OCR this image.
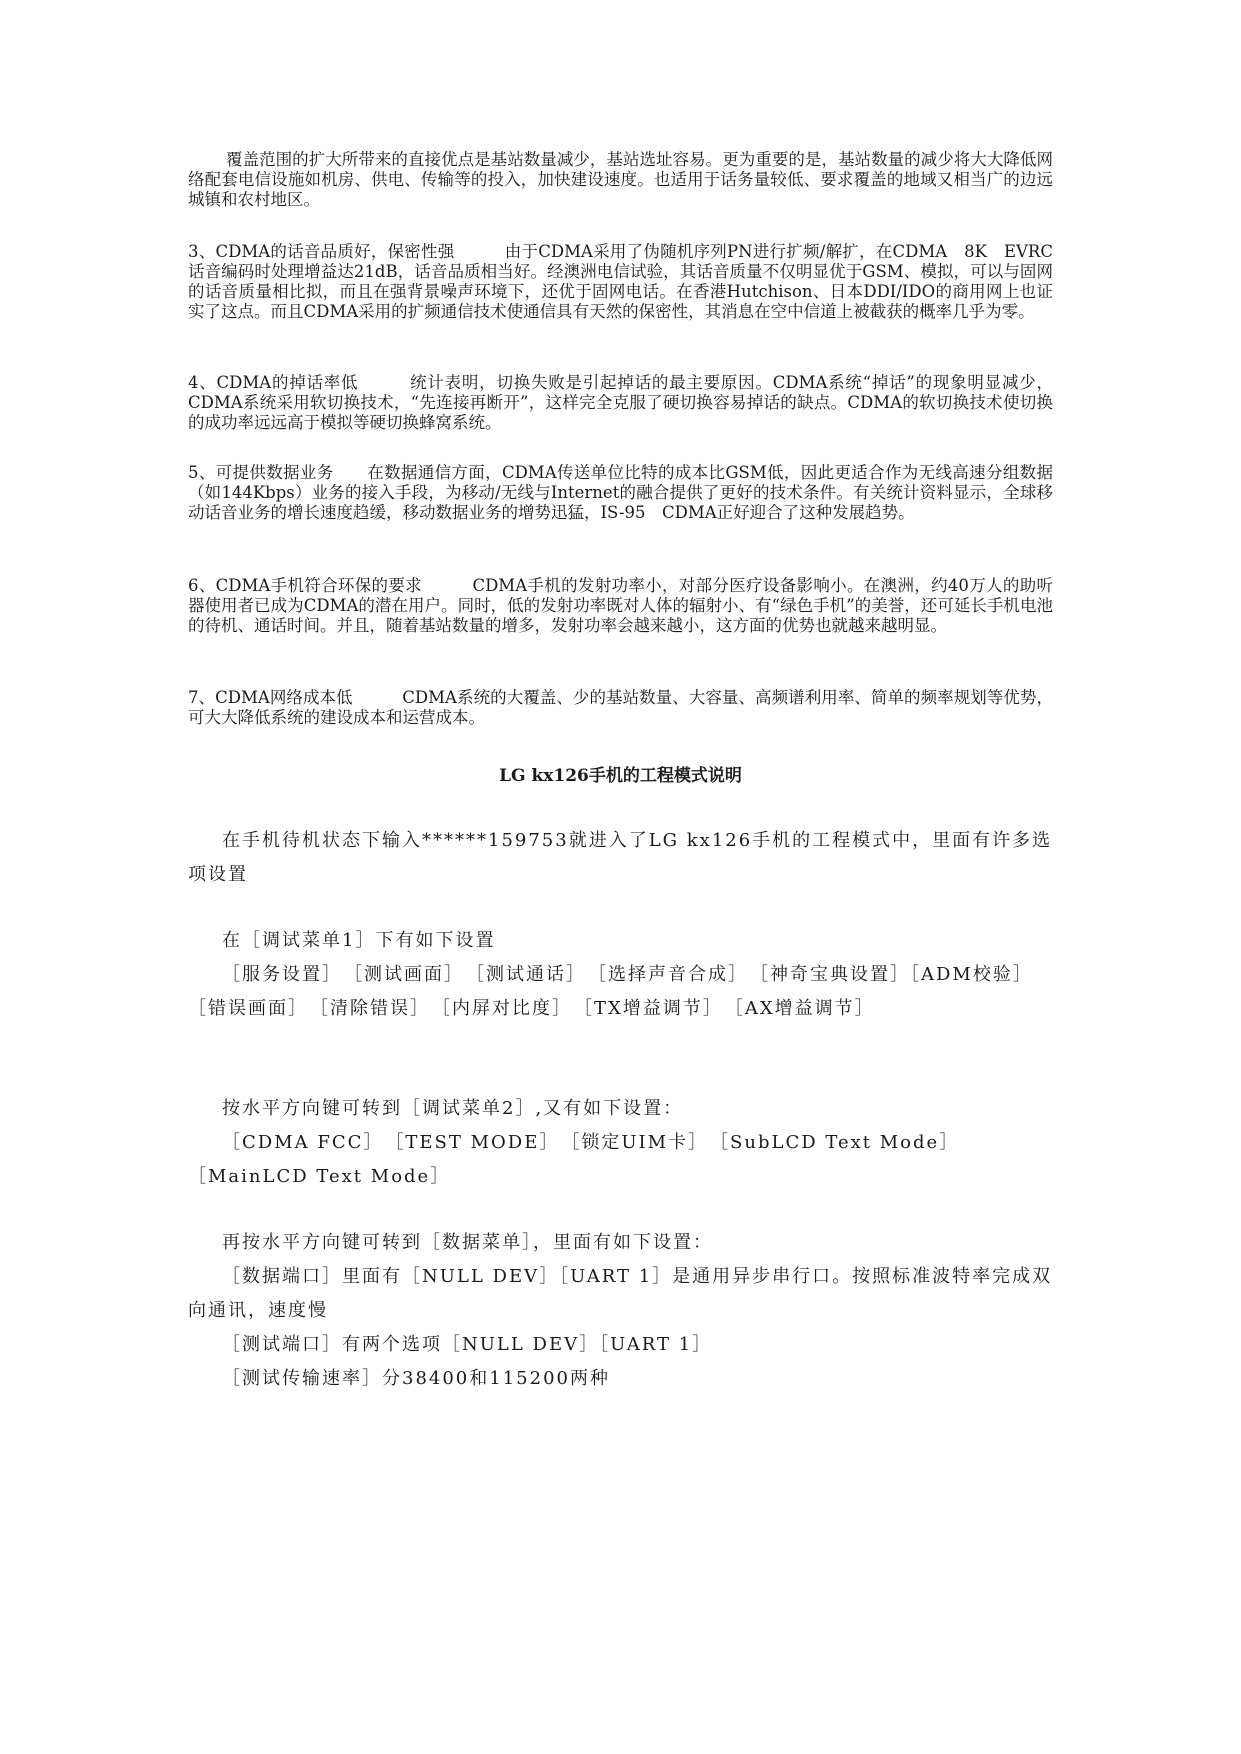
覆盖范围的扩大所带来的直接优点是基站数量减少，基站选址容易。更为重要的是，基站数量的减少将大大降低网络配套电信设施如机房、供电、传输等的投入，加快建设速度。也适用于话务量较低、要求覆盖的地域又相当广的边远城镇和农村地区。

3、CDMA的话音品质好，保密性强　　　由于CDMA采用了伪随机序列PN进行扩频/解扩，在CDMA　8K　EVRC话音编码时处理增益达21dB，话音品质相当好。经澳洲电信试验，其话音质量不仅明显优于GSM、模拟，可以与固网的话音质量相比拟，而且在强背景噪声环境下，还优于固网电话。在香港Hutchison、日本DDI/IDO的商用网上也证实了这点。而且CDMA采用的扩频通信技术使通信具有天然的保密性，其消息在空中信道上被截获的概率几乎为零。

4、CDMA的掉话率低　　　统计表明，切换失败是引起掉话的最主要原因。CDMA系统“掉话”的现象明显减少，CDMA系统采用软切换技术，“先连接再断开”，这样完全克服了硬切换容易掉话的缺点。CDMA的软切换技术使切换的成功率远远高于模拟等硬切换蜂窝系统。

5、可提供数据业务　　在数据通信方面，CDMA传送单位比特的成本比GSM低，因此更适合作为无线高速分组数据（如144Kbps）业务的接入手段，为移动/无线与Internet的融合提供了更好的技术条件。有关统计资料显示，全球移动话音业务的增长速度趋缓，移动数据业务的增势迅猛，IS-95　CDMA正好迎合了这种发展趋势。

6、CDMA手机符合环保的要求　　　CDMA手机的发射功率小，对部分医疗设备影响小。在澳洲，约40万人的助听器使用者已成为CDMA的潜在用户。同时，低的发射功率既对人体的辐射小、有“绿色手机”的美誉，还可延长手机电池的待机、通话时间。并且，随着基站数量的增多，发射功率会越来越小，这方面的优势也就越来越明显。

7、CDMA网络成本低　　　CDMA系统的大覆盖、少的基站数量、大容量、高频谱利用率、简单的频率规划等优势，可大大降低系统的建设成本和运营成本。

LG kx126手机的工程模式说明

在手机待机状态下输入******159753就进入了LG kx126手机的工程模式中，里面有许多选项设置

在［调试菜单1］下有如下设置

［服务设置］　［测试画面］　［测试通话］　［选择声音合成］　［神奇宝典设置］［ADM校验］　［错误画面］　［清除错误］　［内屏对比度］　［TX增益调节］　［AX增益调节］

按水平方向键可转到［调试菜单2］,又有如下设置：

［CDMA FCC］　［TEST MODE］　［锁定UIM卡］　［SubLCD Text Mode］　［MainLCD Text Mode］

再按水平方向键可转到［数据菜单］，里面有如下设置：

［数据端口］里面有［NULL DEV］［UART 1］是通用异步串行口。按照标准波特率完成双向通讯，速度慢

［测试端口］有两个选项［NULL DEV］［UART 1］

［测试传输速率］分38400和115200两种
